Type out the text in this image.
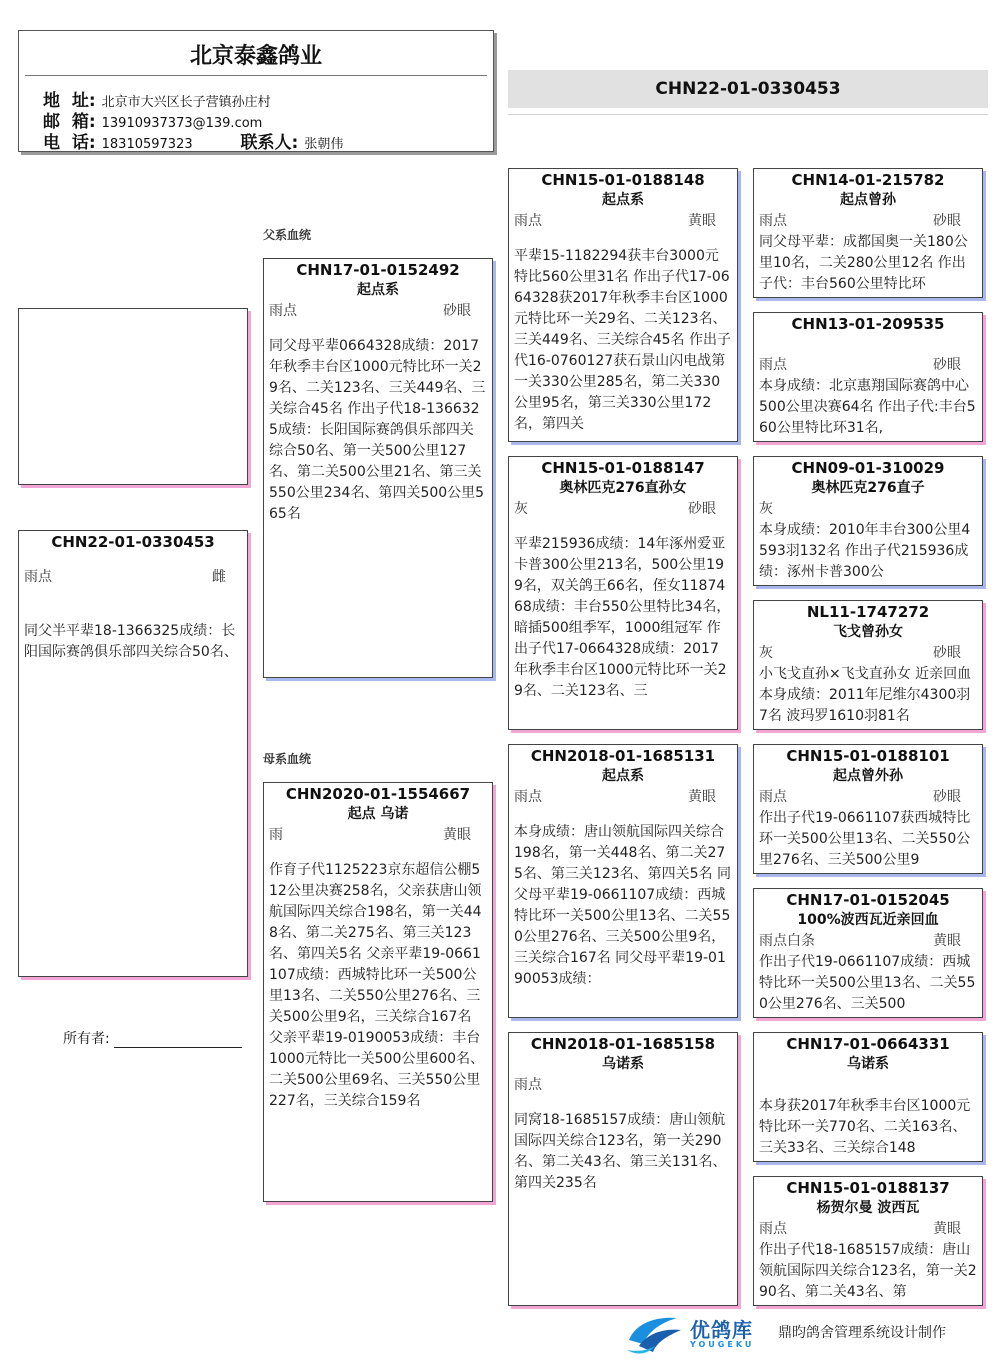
北京泰鑫鸽业
地  址: 北京市大兴区长子营镇孙庄村
邮  箱: 13910937373@139.com
电  话: 18310597323	联系人: 张朝伟
CHN22-01-0330453
父系血统
母系血统
CHN22-01-0330453
雨点	雌
同父半平辈18-1366325成绩：长阳国际赛鸽俱乐部四关综合50名、
所有者:
CHN17-01-0152492
起点系
雨点	砂眼
同父母平辈0664328成绩：2017年秋季丰台区1000元特比环一关29名、二关123名、三关449名、三关综合45名 作出子代18-1366325成绩：长阳国际赛鸽俱乐部四关综合50名、第一关500公里127名、第二关500公里21名、第三关550公里234名、第四关500公里565名
CHN2020-01-1554667
起点 乌诺
雨	黄眼
作育子代1125223京东超信公棚512公里决赛258名，父亲获唐山领航国际四关综合198名，第一关448名、第二关275名、第三关123名、第四关5名 父亲平辈19-0661107成绩：西城特比环一关500公里13名、二关550公里276名、三关500公里9名，三关综合167名 父亲平辈19-0190053成绩：丰台1000元特比一关500公里600名、二关500公里69名、三关550公里227名，三关综合159名
CHN15-01-0188148
起点系
雨点	黄眼
平辈15-1182294获丰台3000元特比560公里31名 作出子代17-0664328获2017年秋季丰台区1000元特比环一关29名、二关123名、三关449名、三关综合45名 作出子代16-0760127获石景山闪电战第一关330公里285名，第二关330公里95名，第三关330公里172名，第四关
CHN15-01-0188147
奥林匹克276直孙女
灰	砂眼
平辈215936成绩：14年涿州爱亚卡普300公里213名，500公里199名，双关鸽王66名，侄女1187468成绩：丰台550公里特比34名，暗插500组季军，1000组冠军 作出子代17-0664328成绩：2017年秋季丰台区1000元特比环一关29名、二关123名、三
CHN2018-01-1685131
起点系
雨点	黄眼
本身成绩：唐山领航国际四关综合198名，第一关448名、第二关275名、第三关123名、第四关5名 同父母平辈19-0661107成绩：西城特比环一关500公里13名、二关550公里276名、三关500公里9名，三关综合167名 同父母平辈19-0190053成绩：
CHN2018-01-1685158
乌诺系
雨点
同窝18-1685157成绩：唐山领航国际四关综合123名，第一关290名、第二关43名、第三关131名、第四关235名
CHN14-01-215782
起点曾孙
雨点	砂眼
同父母平辈：成都国奥一关180公里10名，二关280公里12名 作出子代：丰台560公里特比环
CHN13-01-209535
雨点	砂眼
本身成绩：北京惠翔国际赛鸽中心500公里决赛64名 作出子代:丰台560公里特比环31名,
CHN09-01-310029
奥林匹克276直子
灰
本身成绩：2010年丰台300公里4593羽132名 作出子代215936成绩：涿州卡普300公
NL11-1747272
飞戈曾孙女
灰	砂眼
小飞戈直孙×飞戈直孙女 近亲回血 本身成绩：2011年尼维尔4300羽7名 波玛罗1610羽81名
CHN15-01-0188101
起点曾外孙
雨点	砂眼
作出子代19-0661107获西城特比环一关500公里13名、二关550公里276名、三关500公里9
CHN17-01-0152045
100%波西瓦近亲回血
雨点白条	黄眼
作出子代19-0661107成绩：西城特比环一关500公里13名、二关550公里276名、三关500
CHN17-01-0664331
乌诺系
本身获2017年秋季丰台区1000元特比环一关770名、二关163名、三关33名、三关综合148
CHN15-01-0188137
杨贺尔曼 波西瓦
雨点	黄眼
作出子代18-1685157成绩：唐山领航国际四关综合123名，第一关290名、第二关43名、第
优鸽库
YOUGEKU
鼎昀鸽舍管理系统设计制作
